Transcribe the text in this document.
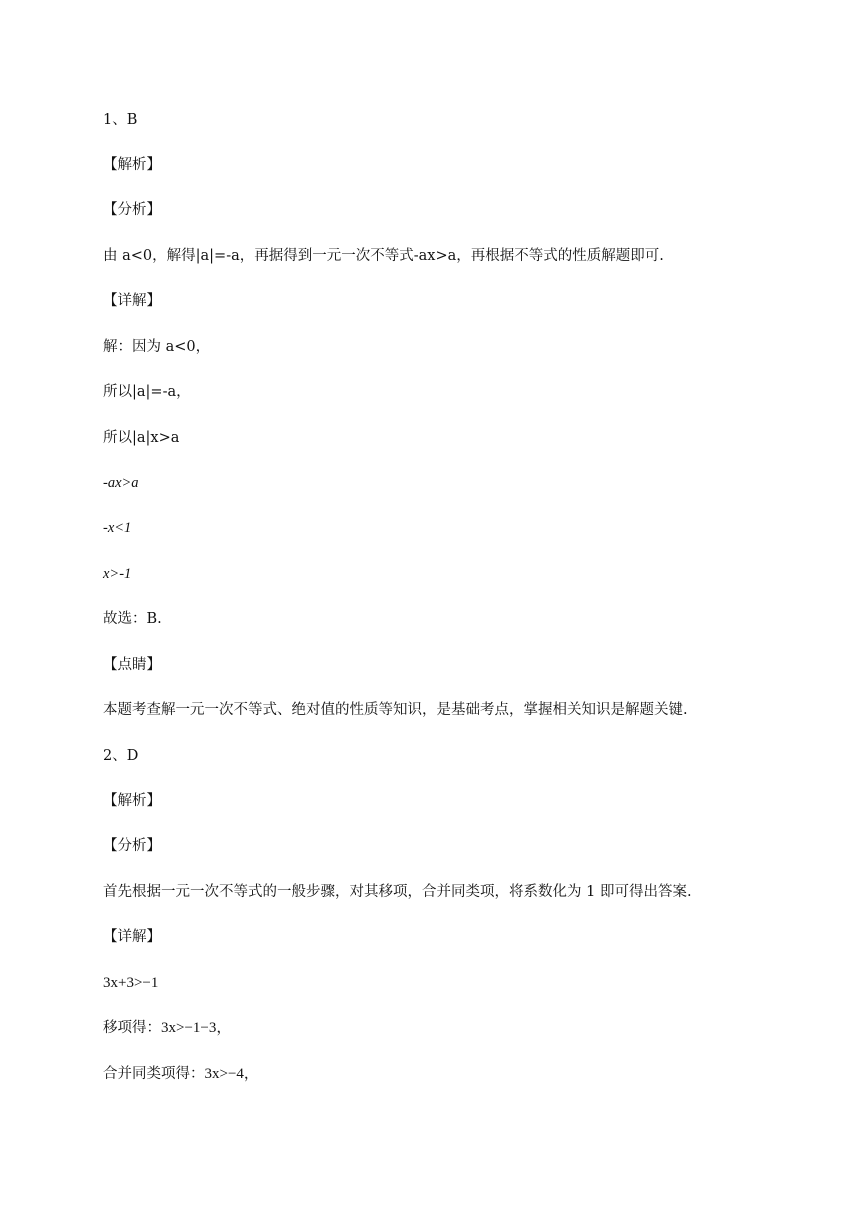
1、B
【解析】
【分析】
由 a<0，解得|a|=-a，再据得到一元一次不等式-ax>a，再根据不等式的性质解题即可.
【详解】
解：因为 a<0，
所以|a|=-a，
所以|a|x>a
-ax>a
-x<1
x>-1
故选：B.
【点睛】
本题考查解一元一次不等式、绝对值的性质等知识，是基础考点，掌握相关知识是解题关键.
2、D
【解析】
【分析】
首先根据一元一次不等式的一般步骤，对其移项，合并同类项，将系数化为 1 即可得出答案.
【详解】
3x+3>−1
移项得：3x>−1−3，
合并同类项得：3x>−4，
